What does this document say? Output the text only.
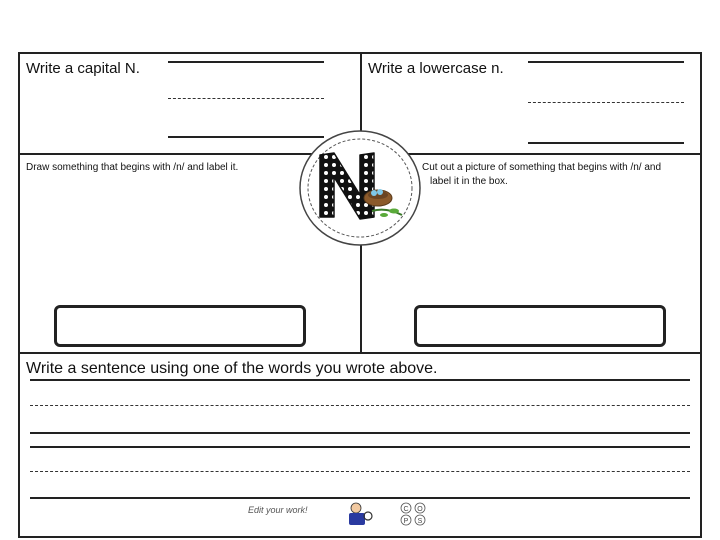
Write a capital N.	Write a lowercase n.
Draw something that begins with /n/ and label it.	Cut out a picture of something that begins with /n/ and
label it in the box.
Write a sentence using one of the words you wrote above.
Edit your work!	C O
P S
